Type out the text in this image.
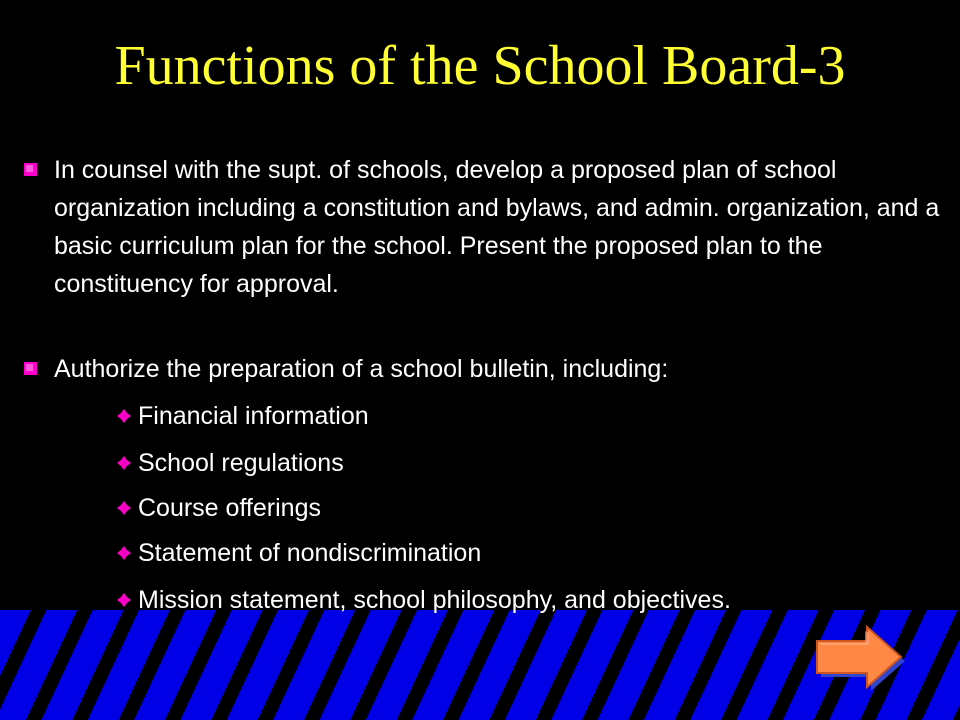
Functions of the School Board-3
In counsel with the supt. of schools, develop a proposed plan of school organization including a constitution and bylaws, and admin. organization, and a basic curriculum plan for the school. Present the proposed plan to the constituency for approval.
Authorize the preparation of a school bulletin, including:
Financial information
School regulations
Course offerings
Statement of nondiscrimination
Mission statement, school philosophy, and objectives.
